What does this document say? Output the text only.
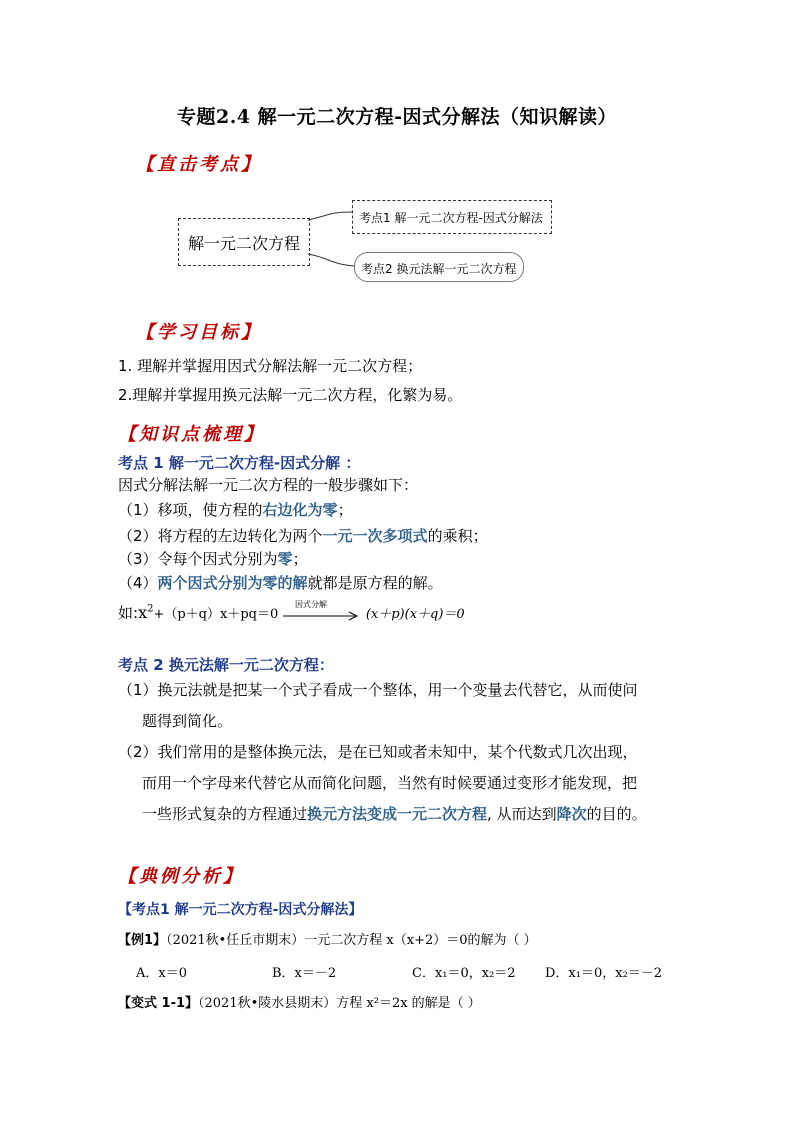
专题2.4 解一元二次方程-因式分解法（知识解读）
【直击考点】
解一元二次方程
考点1 解一元二次方程-因式分解法
考点2 换元法解一元二次方程
【学习目标】
1. 理解并掌握用因式分解法解一元二次方程；
2.理解并掌握用换元法解一元二次方程，化繁为易。
【知识点梳理】
考点 1 解一元二次方程-因式分解 ：
因式分解法解一元二次方程的一般步骤如下：
（1）移项，使方程的右边化为零；
（2）将方程的左边转化为两个一元一次多项式的乘积；
（3）令每个因式分别为零；
（4）两个因式分别为零的解就都是原方程的解。
如$:x^2+(p+q)x+pq=0$
因式分解
(x＋p)(x＋q)＝0
考点 2 换元法解一元二次方程：
（1）换元法就是把某一个式子看成一个整体，用一个变量去代替它，从而使问
题得到简化。
（2）我们常用的是整体换元法，是在已知或者未知中，某个代数式几次出现，
而用一个字母来代替它从而简化问题，当然有时候要通过变形才能发现，把
一些形式复杂的方程通过换元方法变成一元二次方程, 从而达到降次的目的。
【典例分析】
【考点1 解一元二次方程-因式分解法】
【例1】（2021秋•任丘市期末）一元二次方程 x（x+2）＝0的解为（ ）
A．x＝0	B．x＝－2	C．x₁＝0，x₂＝2 D．x₁＝0，x₂＝－2
【变式 1-1】（2021秋•陵水县期末）方程 x²＝2x 的解是（ ）
